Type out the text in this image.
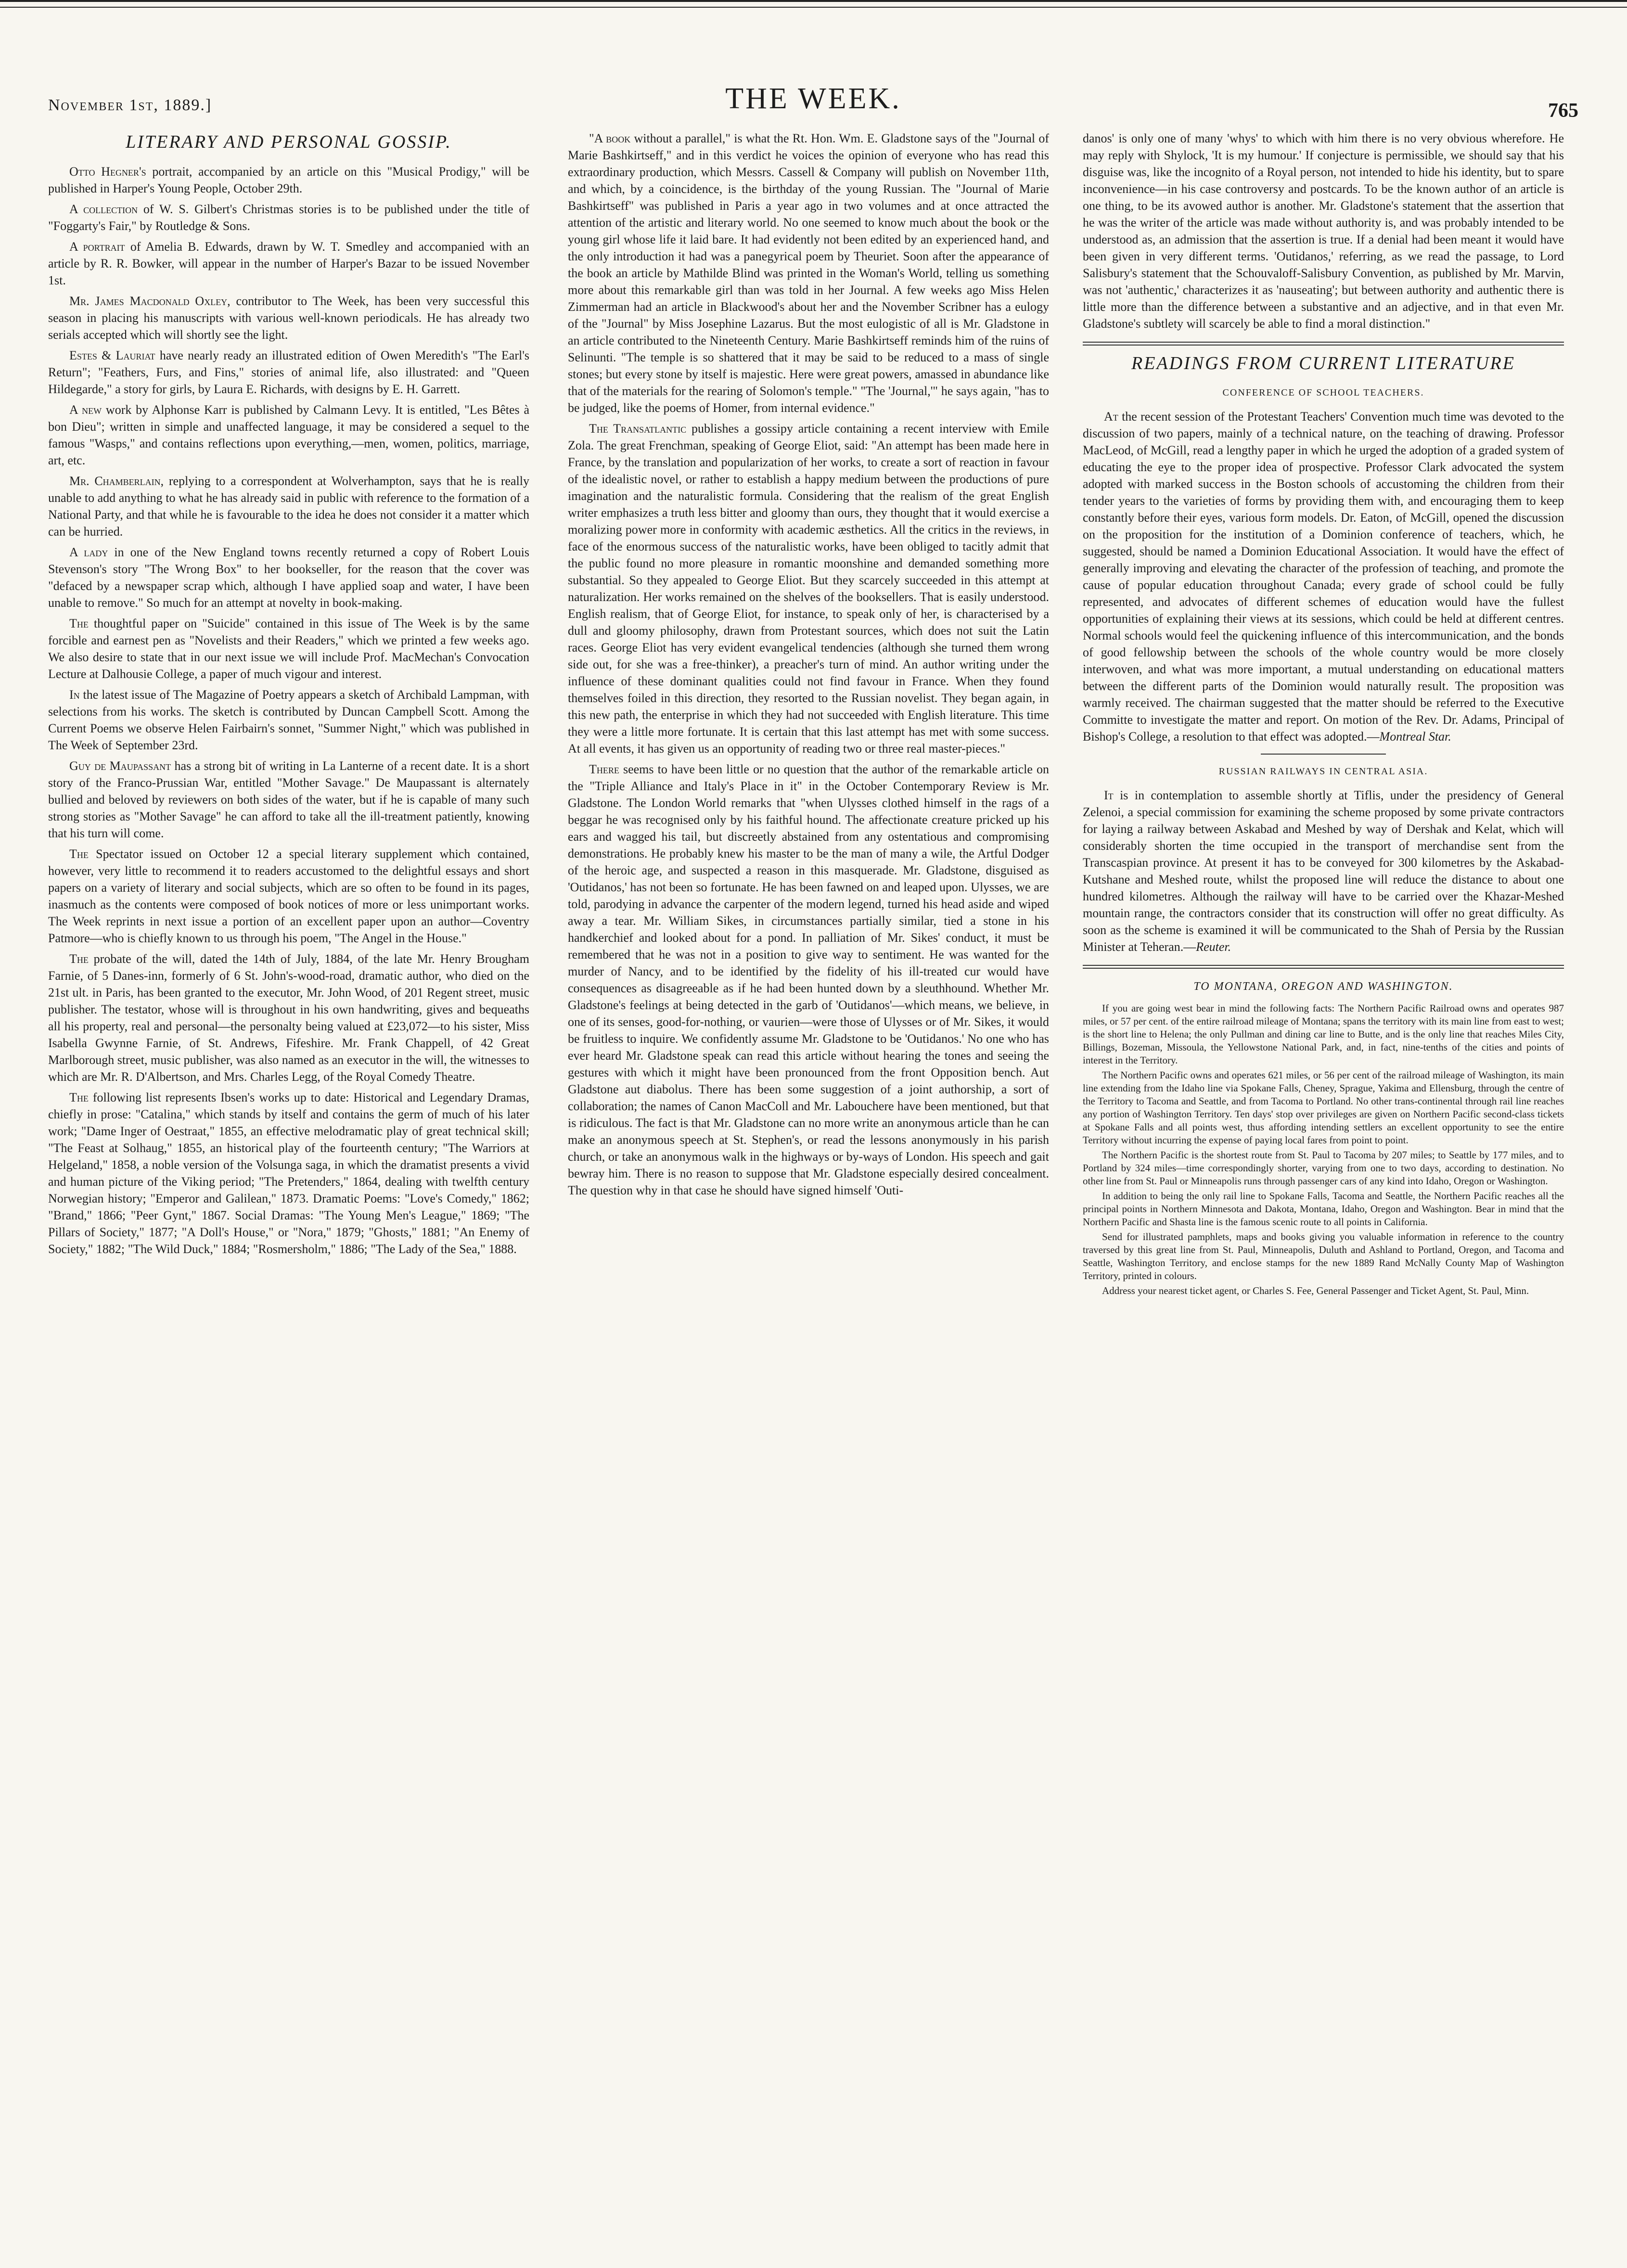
November 1st, 1889.]	THE WEEK.	765
LITERARY AND PERSONAL GOSSIP.

Otto Hegner's portrait, accompanied by an article on this "Musical Prodigy," will be published in Harper's Young People, October 29th.

A collection of W. S. Gilbert's Christmas stories is to be published under the title of "Foggarty's Fair," by Routledge & Sons.

A portrait of Amelia B. Edwards, drawn by W. T. Smedley and accompanied with an article by R. R. Bowker, will appear in the number of Harper's Bazar to be issued November 1st.

Mr. James Macdonald Oxley, contributor to The Week, has been very successful this season in placing his manuscripts with various well-known periodicals. He has already two serials accepted which will shortly see the light.

Estes & Lauriat have nearly ready an illustrated edition of Owen Meredith's "The Earl's Return"; "Feathers, Furs, and Fins," stories of animal life, also illustrated: and "Queen Hildegarde," a story for girls, by Laura E. Richards, with designs by E. H. Garrett.

A new work by Alphonse Karr is published by Calmann Levy. It is entitled, "Les Bêtes à bon Dieu"; written in simple and unaffected language, it may be considered a sequel to the famous "Wasps," and contains reflections upon everything,—men, women, politics, marriage, art, etc.

Mr. Chamberlain, replying to a correspondent at Wolverhampton, says that he is really unable to add anything to what he has already said in public with reference to the formation of a National Party, and that while he is favourable to the idea he does not consider it a matter which can be hurried.

A lady in one of the New England towns recently returned a copy of Robert Louis Stevenson's story "The Wrong Box" to her bookseller, for the reason that the cover was "defaced by a newspaper scrap which, although I have applied soap and water, I have been unable to remove." So much for an attempt at novelty in book-making.

The thoughtful paper on "Suicide" contained in this issue of The Week is by the same forcible and earnest pen as "Novelists and their Readers," which we printed a few weeks ago. We also desire to state that in our next issue we will include Prof. MacMechan's Convocation Lecture at Dalhousie College, a paper of much vigour and interest.

In the latest issue of The Magazine of Poetry appears a sketch of Archibald Lampman, with selections from his works. The sketch is contributed by Duncan Campbell Scott. Among the Current Poems we observe Helen Fairbairn's sonnet, "Summer Night," which was published in The Week of September 23rd.

Guy de Maupassant has a strong bit of writing in La Lanterne of a recent date. It is a short story of the Franco-Prussian War, entitled "Mother Savage." De Maupassant is alternately bullied and beloved by reviewers on both sides of the water, but if he is capable of many such strong stories as "Mother Savage" he can afford to take all the ill-treatment patiently, knowing that his turn will come.

The Spectator issued on October 12 a special literary supplement which contained, however, very little to recommend it to readers accustomed to the delightful essays and short papers on a variety of literary and social subjects, which are so often to be found in its pages, inasmuch as the contents were composed of book notices of more or less unimportant works. The Week reprints in next issue a portion of an excellent paper upon an author—Coventry Patmore—who is chiefly known to us through his poem, "The Angel in the House."

The probate of the will, dated the 14th of July, 1884, of the late Mr. Henry Brougham Farnie, of 5 Danes-inn, formerly of 6 St. John's-wood-road, dramatic author, who died on the 21st ult. in Paris, has been granted to the executor, Mr. John Wood, of 201 Regent street, music publisher. The testator, whose will is throughout in his own handwriting, gives and bequeaths all his property, real and personal—the personalty being valued at £23,072—to his sister, Miss Isabella Gwynne Farnie, of St. Andrews, Fifeshire. Mr. Frank Chappell, of 42 Great Marlborough street, music publisher, was also named as an executor in the will, the witnesses to which are Mr. R. D'Albertson, and Mrs. Charles Legg, of the Royal Comedy Theatre.

The following list represents Ibsen's works up to date: Historical and Legendary Dramas, chiefly in prose: "Catalina," which stands by itself and contains the germ of much of his later work; "Dame Inger of Oestraat," 1855, an effective melodramatic play of great technical skill; "The Feast at Solhaug," 1855, an historical play of the fourteenth century; "The Warriors at Helgeland," 1858, a noble version of the Volsunga saga, in which the dramatist presents a vivid and human picture of the Viking period; "The Pretenders," 1864, dealing with twelfth century Norwegian history; "Emperor and Galilean," 1873. Dramatic Poems: "Love's Comedy," 1862; "Brand," 1866; "Peer Gynt," 1867. Social Dramas: "The Young Men's League," 1869; "The Pillars of Society," 1877; "A Doll's House," or "Nora," 1879; "Ghosts," 1881; "An Enemy of Society," 1882; "The Wild Duck," 1884; "Rosmersholm," 1886; "The Lady of the Sea," 1888.

"A book without a parallel," is what the Rt. Hon. Wm. E. Gladstone says of the "Journal of Marie Bashkirtseff," and in this verdict he voices the opinion of everyone who has read this extraordinary production, which Messrs. Cassell & Company will publish on November 11th, and which, by a coincidence, is the birthday of the young Russian. The "Journal of Marie Bashkirtseff" was published in Paris a year ago in two volumes and at once attracted the attention of the artistic and literary world. No one seemed to know much about the book or the young girl whose life it laid bare. It had evidently not been edited by an experienced hand, and the only introduction it had was a panegyrical poem by Theuriet. Soon after the appearance of the book an article by Mathilde Blind was printed in the Woman's World, telling us something more about this remarkable girl than was told in her Journal. A few weeks ago Miss Helen Zimmerman had an article in Blackwood's about her and the November Scribner has a eulogy of the "Journal" by Miss Josephine Lazarus. But the most eulogistic of all is Mr. Gladstone in an article contributed to the Nineteenth Century. Marie Bashkirtseff reminds him of the ruins of Selinunti. "The temple is so shattered that it may be said to be reduced to a mass of single stones; but every stone by itself is majestic. Here were great powers, amassed in abundance like that of the materials for the rearing of Solomon's temple." "The 'Journal,'" he says again, "has to be judged, like the poems of Homer, from internal evidence."

The Transatlantic publishes a gossipy article containing a recent interview with Emile Zola. The great Frenchman, speaking of George Eliot, said: "An attempt has been made here in France, by the translation and popularization of her works, to create a sort of reaction in favour of the idealistic novel, or rather to establish a happy medium between the productions of pure imagination and the naturalistic formula. Considering that the realism of the great English writer emphasizes a truth less bitter and gloomy than ours, they thought that it would exercise a moralizing power more in conformity with academic æsthetics. All the critics in the reviews, in face of the enormous success of the naturalistic works, have been obliged to tacitly admit that the public found no more pleasure in romantic moonshine and demanded something more substantial. So they appealed to George Eliot. But they scarcely succeeded in this attempt at naturalization. Her works remained on the shelves of the booksellers. That is easily understood. English realism, that of George Eliot, for instance, to speak only of her, is characterised by a dull and gloomy philosophy, drawn from Protestant sources, which does not suit the Latin races. George Eliot has very evident evangelical tendencies (although she turned them wrong side out, for she was a free-thinker), a preacher's turn of mind. An author writing under the influence of these dominant qualities could not find favour in France. When they found themselves foiled in this direction, they resorted to the Russian novelist. They began again, in this new path, the enterprise in which they had not succeeded with English literature. This time they were a little more fortunate. It is certain that this last attempt has met with some success. At all events, it has given us an opportunity of reading two or three real master-pieces."

There seems to have been little or no question that the author of the remarkable article on the "Triple Alliance and Italy's Place in it" in the October Contemporary Review is Mr. Gladstone. The London World remarks that "when Ulysses clothed himself in the rags of a beggar he was recognised only by his faithful hound. The affectionate creature pricked up his ears and wagged his tail, but discreetly abstained from any ostentatious and compromising demonstrations. He probably knew his master to be the man of many a wile, the Artful Dodger of the heroic age, and suspected a reason in this masquerade. Mr. Gladstone, disguised as 'Outidanos,' has not been so fortunate. He has been fawned on and leaped upon. Ulysses, we are told, parodying in advance the carpenter of the modern legend, turned his head aside and wiped away a tear. Mr. William Sikes, in circumstances partially similar, tied a stone in his handkerchief and looked about for a pond. In palliation of Mr. Sikes' conduct, it must be remembered that he was not in a position to give way to sentiment. He was wanted for the murder of Nancy, and to be identified by the fidelity of his ill-treated cur would have consequences as disagreeable as if he had been hunted down by a sleuthhound. Whether Mr. Gladstone's feelings at being detected in the garb of 'Outidanos'—which means, we believe, in one of its senses, good-for-nothing, or vaurien—were those of Ulysses or of Mr. Sikes, it would be fruitless to inquire. We confidently assume Mr. Gladstone to be 'Outidanos.' No one who has ever heard Mr. Gladstone speak can read this article without hearing the tones and seeing the gestures with which it might have been pronounced from the front Opposition bench. Aut Gladstone aut diabolus. There has been some suggestion of a joint authorship, a sort of collaboration; the names of Canon MacColl and Mr. Labouchere have been mentioned, but that is ridiculous. The fact is that Mr. Gladstone can no more write an anonymous article than he can make an anonymous speech at St. Stephen's, or read the lessons anonymously in his parish church, or take an anonymous walk in the highways or by-ways of London. His speech and gait bewray him. There is no reason to suppose that Mr. Gladstone especially desired concealment. The question why in that case he should have signed himself 'Outi-

danos' is only one of many 'whys' to which with him there is no very obvious wherefore. He may reply with Shylock, 'It is my humour.' If conjecture is permissible, we should say that his disguise was, like the incognito of a Royal person, not intended to hide his identity, but to spare inconvenience—in his case controversy and postcards. To be the known author of an article is one thing, to be its avowed author is another. Mr. Gladstone's statement that the assertion that he was the writer of the article was made without authority is, and was probably intended to be understood as, an admission that the assertion is true. If a denial had been meant it would have been given in very different terms. 'Outidanos,' referring, as we read the passage, to Lord Salisbury's statement that the Schouvaloff-Salisbury Convention, as published by Mr. Marvin, was not 'authentic,' characterizes it as 'nauseating'; but between authority and authentic there is little more than the difference between a substantive and an adjective, and in that even Mr. Gladstone's subtlety will scarcely be able to find a moral distinction."

READINGS FROM CURRENT LITERATURE
CONFERENCE OF SCHOOL TEACHERS.

At the recent session of the Protestant Teachers' Convention much time was devoted to the discussion of two papers, mainly of a technical nature, on the teaching of drawing. Professor MacLeod, of McGill, read a lengthy paper in which he urged the adoption of a graded system of educating the eye to the proper idea of prospective. Professor Clark advocated the system adopted with marked success in the Boston schools of accustoming the children from their tender years to the varieties of forms by providing them with, and encouraging them to keep constantly before their eyes, various form models. Dr. Eaton, of McGill, opened the discussion on the proposition for the institution of a Dominion conference of teachers, which, he suggested, should be named a Dominion Educational Association. It would have the effect of generally improving and elevating the character of the profession of teaching, and promote the cause of popular education throughout Canada; every grade of school could be fully represented, and advocates of different schemes of education would have the fullest opportunities of explaining their views at its sessions, which could be held at different centres. Normal schools would feel the quickening influence of this intercommunication, and the bonds of good fellowship between the schools of the whole country would be more closely interwoven, and what was more important, a mutual understanding on educational matters between the different parts of the Dominion would naturally result. The proposition was warmly received. The chairman suggested that the matter should be referred to the Executive Committe to investigate the matter and report. On motion of the Rev. Dr. Adams, Principal of Bishop's College, a resolution to that effect was adopted.—Montreal Star.

RUSSIAN RAILWAYS IN CENTRAL ASIA.

It is in contemplation to assemble shortly at Tiflis, under the presidency of General Zelenoi, a special commission for examining the scheme proposed by some private contractors for laying a railway between Askabad and Meshed by way of Dershak and Kelat, which will considerably shorten the time occupied in the transport of merchandise sent from the Transcaspian province. At present it has to be conveyed for 300 kilometres by the Askabad-Kutshane and Meshed route, whilst the proposed line will reduce the distance to about one hundred kilometres. Although the railway will have to be carried over the Khazar-Meshed mountain range, the contractors consider that its construction will offer no great difficulty. As soon as the scheme is examined it will be communicated to the Shah of Persia by the Russian Minister at Teheran.—Reuter.

TO MONTANA, OREGON AND WASHINGTON.

If you are going west bear in mind the following facts: The Northern Pacific Railroad owns and operates 987 miles, or 57 per cent. of the entire railroad mileage of Montana; spans the territory with its main line from east to west; is the short line to Helena; the only Pullman and dining car line to Butte, and is the only line that reaches Miles City, Billings, Bozeman, Missoula, the Yellowstone National Park, and, in fact, nine-tenths of the cities and points of interest in the Territory.

The Northern Pacific owns and operates 621 miles, or 56 per cent of the railroad mileage of Washington, its main line extending from the Idaho line via Spokane Falls, Cheney, Sprague, Yakima and Ellensburg, through the centre of the Territory to Tacoma and Seattle, and from Tacoma to Portland. No other trans-continental through rail line reaches any portion of Washington Territory. Ten days' stop over privileges are given on Northern Pacific second-class tickets at Spokane Falls and all points west, thus affording intending settlers an excellent opportunity to see the entire Territory without incurring the expense of paying local fares from point to point.

The Northern Pacific is the shortest route from St. Paul to Tacoma by 207 miles; to Seattle by 177 miles, and to Portland by 324 miles—time correspondingly shorter, varying from one to two days, according to destination. No other line from St. Paul or Minneapolis runs through passenger cars of any kind into Idaho, Oregon or Washington.

In addition to being the only rail line to Spokane Falls, Tacoma and Seattle, the Northern Pacific reaches all the principal points in Northern Minnesota and Dakota, Montana, Idaho, Oregon and Washington. Bear in mind that the Northern Pacific and Shasta line is the famous scenic route to all points in California.

Send for illustrated pamphlets, maps and books giving you valuable information in reference to the country traversed by this great line from St. Paul, Minneapolis, Duluth and Ashland to Portland, Oregon, and Tacoma and Seattle, Washington Territory, and enclose stamps for the new 1889 Rand McNally County Map of Washington Territory, printed in colours.

Address your nearest ticket agent, or Charles S. Fee, General Passenger and Ticket Agent, St. Paul, Minn.
